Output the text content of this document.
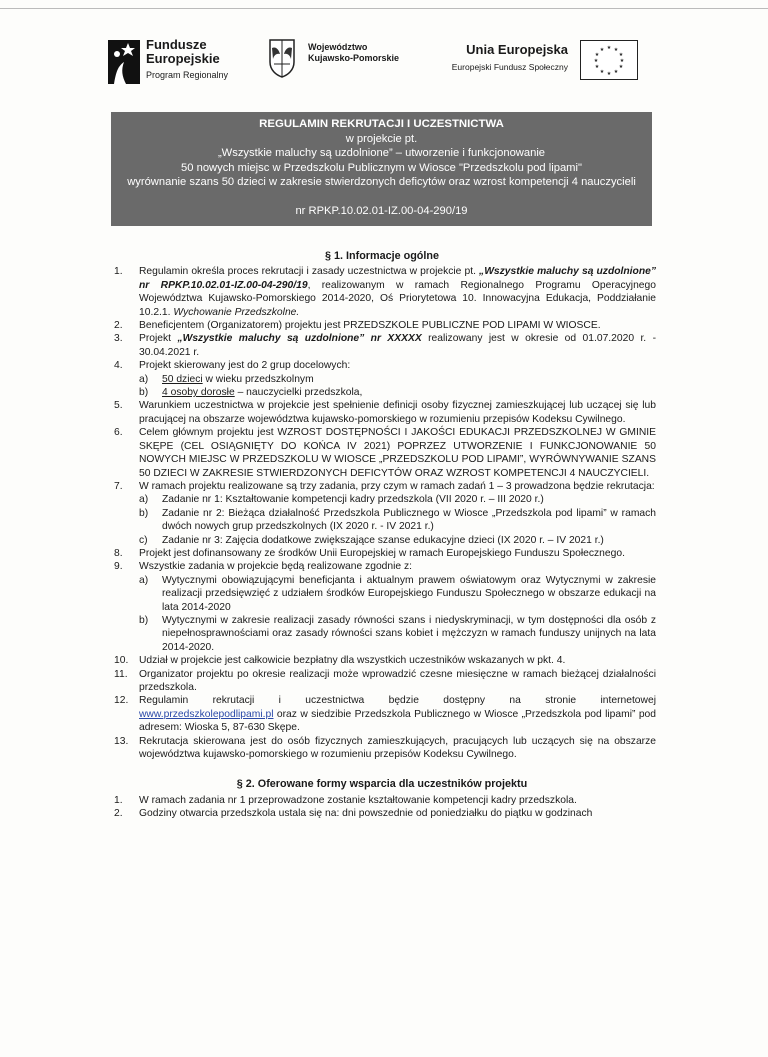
Fundusze
Europejskie
Program Regionalny
Województwo
Kujawsko-Pomorskie
Unia Europejska
Europejski Fundusz Społeczny
★ ★
★
★
★
★
★
★
★
★
★
★
REGULAMIN REKRUTACJI I UCZESTNICTWA
w projekcie pt.
„Wszystkie maluchy są uzdolnione” – utworzenie i funkcjonowanie
50 nowych miejsc w Przedszkolu Publicznym w Wiosce "Przedszkolu pod lipami"
wyrównanie szans 50 dzieci w zakresie stwierdzonych deficytów oraz wzrost kompetencji 4 nauczycieli
nr RPKP.10.02.01-IZ.00-04-290/19
§ 1. Informacje ogólne
1. Regulamin określa proces rekrutacji i zasady uczestnictwa w projekcie pt. „Wszystkie maluchy są uzdolnione” nr RPKP.10.02.01-IZ.00-04-290/19, realizowanym w ramach Regionalnego Programu Operacyjnego Województwa Kujawsko-Pomorskiego 2014-2020, Oś Priorytetowa 10. Innowacyjna Edukacja, Poddziałanie 10.2.1. Wychowanie Przedszkolne.
2. Beneficjentem (Organizatorem) projektu jest PRZEDSZKOLE PUBLICZNE POD LIPAMI W WIOSCE.
3. Projekt „Wszystkie maluchy są uzdolnione” nr XXXXX realizowany jest w okresie od 01.07.2020 r. - 30.04.2021 r.
4. Projekt skierowany jest do 2 grup docelowych:
a) 50 dzieci w wieku przedszkolnym
b) 4 osoby dorosłe – nauczycielki przedszkola,
5. Warunkiem uczestnictwa w projekcie jest spełnienie definicji osoby fizycznej zamieszkującej lub uczącej się lub pracującej na obszarze województwa kujawsko-pomorskiego w rozumieniu przepisów Kodeksu Cywilnego.
6. Celem głównym projektu jest WZROST DOSTĘPNOŚCI I JAKOŚCI EDUKACJI PRZEDSZKOLNEJ W GMINIE SKĘPE (CEL OSIĄGNIĘTY DO KOŃCA IV 2021) POPRZEZ UTWORZENIE I FUNKCJONOWANIE 50 NOWYCH MIEJSC W PRZEDSZKOLU W WIOSCE „PRZEDSZKOLU POD LIPAMI”, WYRÓWNYWANIE SZANS 50 DZIECI W ZAKRESIE STWIERDZONYCH DEFICYTÓW ORAZ WZROST KOMPETENCJI 4 NAUCZYCIELI.
7. W ramach projektu realizowane są trzy zadania, przy czym w ramach zadań 1 – 3 prowadzona będzie rekrutacja:
a) Zadanie nr 1: Kształtowanie kompetencji kadry przedszkola (VII 2020 r. – III 2020 r.)
b) Zadanie nr 2: Bieżąca działalność Przedszkola Publicznego w Wiosce „Przedszkola pod lipami” w ramach dwóch nowych grup przedszkolnych (IX 2020 r. - IV 2021 r.)
c) Zadanie nr 3: Zajęcia dodatkowe zwiększające szanse edukacyjne dzieci (IX 2020 r. – IV 2021 r.)
8. Projekt jest dofinansowany ze środków Unii Europejskiej w ramach Europejskiego Funduszu Społecznego.
9. Wszystkie zadania w projekcie będą realizowane zgodnie z:
a) Wytycznymi obowiązującymi beneficjanta i aktualnym prawem oświatowym oraz Wytycznymi w zakresie realizacji przedsięwzięć z udziałem środków Europejskiego Funduszu Społecznego w obszarze edukacji na lata 2014-2020
b) Wytycznymi w zakresie realizacji zasady równości szans i niedyskryminacji, w tym dostępności dla osób z niepełnosprawnościami oraz zasady równości szans kobiet i mężczyzn w ramach funduszy unijnych na lata 2014-2020.
10. Udział w projekcie jest całkowicie bezpłatny dla wszystkich uczestników wskazanych w pkt. 4.
11. Organizator projektu po okresie realizacji może wprowadzić czesne miesięczne w ramach bieżącej działalności przedszkola.
12. Regulamin rekrutacji i uczestnictwa będzie dostępny na stronie internetowej
www.przedszkolepodlipami.pl oraz w siedzibie Przedszkola Publicznego w Wiosce „Przedszkola pod lipami” pod adresem: Wioska 5, 87-630 Skępe.
13. Rekrutacja skierowana jest do osób fizycznych zamieszkujących, pracujących lub uczących się na obszarze województwa kujawsko-pomorskiego w rozumieniu przepisów Kodeksu Cywilnego.
§ 2. Oferowane formy wsparcia dla uczestników projektu
1. W ramach zadania nr 1 przeprowadzone zostanie kształtowanie kompetencji kadry przedszkola.
2. Godziny otwarcia przedszkola ustala się na: dni powszednie od poniedziałku do piątku w godzinach
